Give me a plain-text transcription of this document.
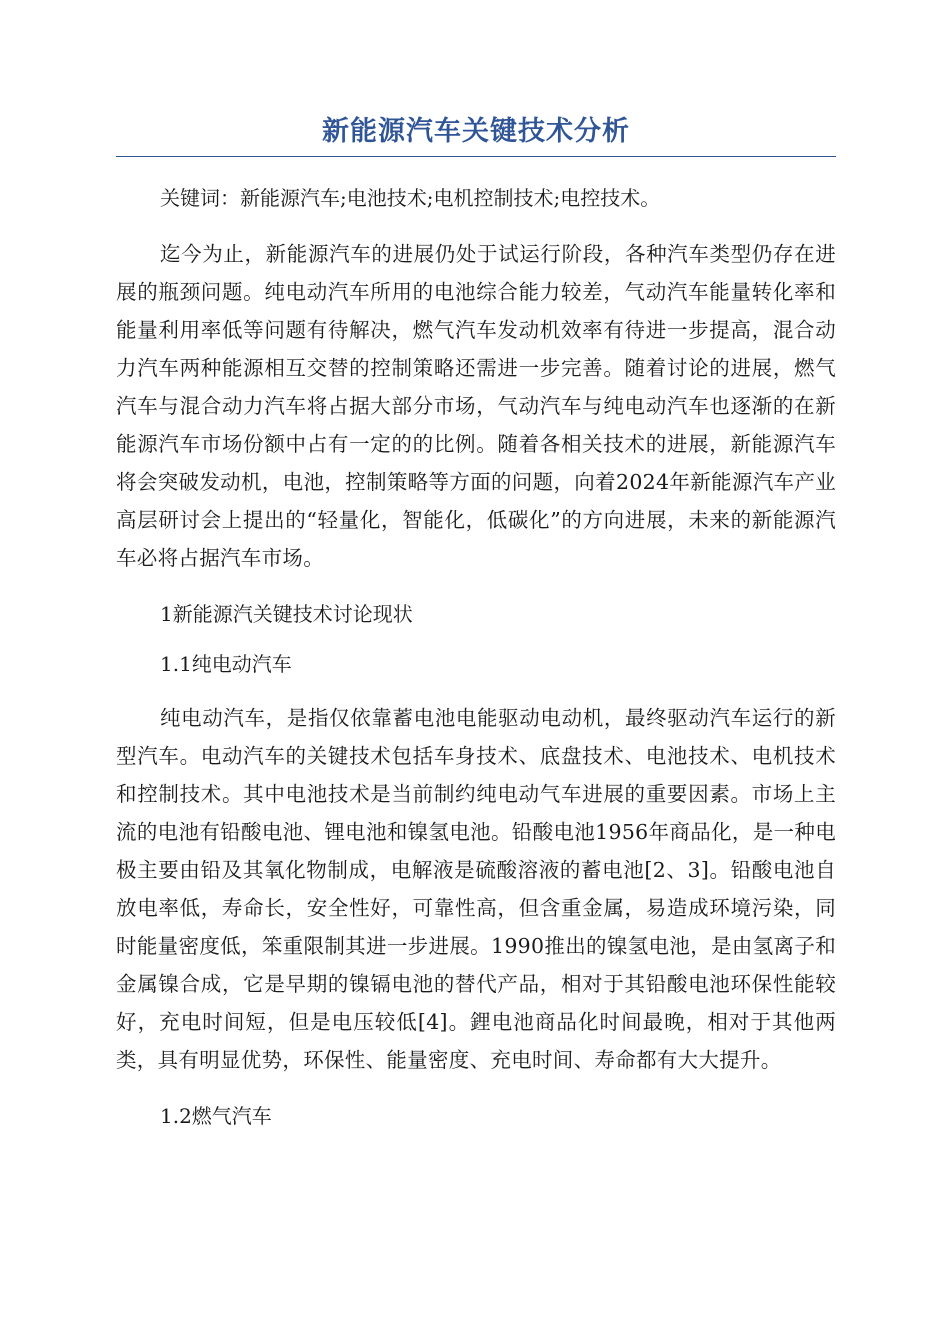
新能源汽车关键技术分析

关键词：新能源汽车;电池技术;电机控制技术;电控技术。

迄今为止，新能源汽车的进展仍处于试运行阶段，各种汽车类型仍存在进展的瓶颈问题。纯电动汽车所用的电池综合能力较差，气动汽车能量转化率和能量利用率低等问题有待解决，燃气汽车发动机效率有待进一步提高，混合动力汽车两种能源相互交替的控制策略还需进一步完善。随着讨论的进展，燃气汽车与混合动力汽车将占据大部分市场，气动汽车与纯电动汽车也逐渐的在新能源汽车市场份额中占有一定的的比例。随着各相关技术的进展，新能源汽车将会突破发动机，电池，控制策略等方面的问题，向着2024年新能源汽车产业高层研讨会上提出的“轻量化，智能化，低碳化”的方向进展，未来的新能源汽车必将占据汽车市场。

1新能源汽关键技术讨论现状

1.1纯电动汽车

纯电动汽车，是指仅依靠蓄电池电能驱动电动机，最终驱动汽车运行的新型汽车。电动汽车的关键技术包括车身技术、底盘技术、电池技术、电机技术和控制技术。其中电池技术是当前制约纯电动气车进展的重要因素。市场上主流的电池有铅酸电池、锂电池和镍氢电池。铅酸电池1956年商品化，是一种电极主要由铅及其氧化物制成，电解液是硫酸溶液的蓄电池[2、3]。铅酸电池自放电率低，寿命长，安全性好，可靠性高，但含重金属，易造成环境污染，同时能量密度低，笨重限制其进一步进展。1990推出的镍氢电池，是由氢离子和金属镍合成，它是早期的镍镉电池的替代产品，相对于其铅酸电池环保性能较好，充电时间短，但是电压较低[4]。鋰电池商品化时间最晚，相对于其他两类，具有明显优势，环保性、能量密度、充电时间、寿命都有大大提升。

1.2燃气汽车
